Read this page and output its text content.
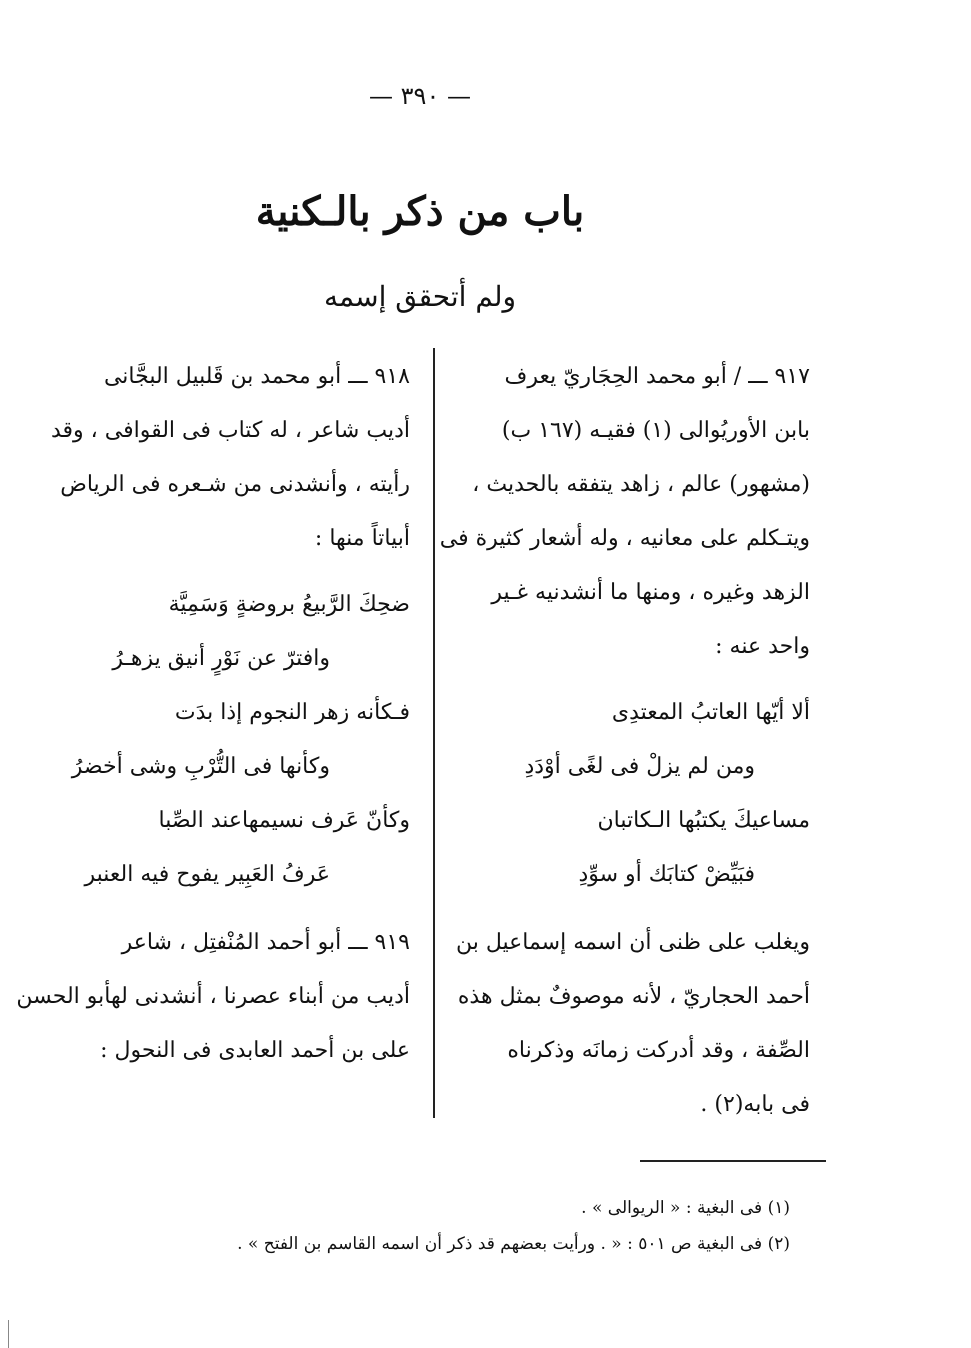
— ٣٩٠ —
باب من ذكر بالـكنية
ولم أتحقق إسمه
٩١٧ ـــ / أبو محمد الحِجَاريّ يعرف
بابن الأوريُوالى (١) فقيـه (١٦٧ ب)
(مشهور) عالم ، زاهد يتفقه بالحديث ،
ويتـكلم على معانيه ، وله أشعار كثيرة فى
الزهد وغيره ، ومنها ما أنشدنيه غـير
واحد عنه :
ألا أيّها العاتبُ المعتدِى
ومن لم يزلْ فى لغًى أوْدَدِ
مساعيكَ يكتبُها الـكاتبان
فبَيِّضْ كتابَك أو سوِّدِ
ويغلب على ظنى أن اسمه إسماعيل بن
أحمد الحجاريّ ، لأنه موصوفٌ بمثل هذه
الصِّفة ، وقد أدركت زمانَه وذكرناه
فى بابه(٢) .
٩١٨ ـــ أبو محمد بن قَلبيل البجَّانى
أديب شاعر ، له كتاب فى القوافى ، وقد
رأيته ، وأنشدنى من شـعره فى الرياض
أبياتاً منها :
ضحِكَ الرَّبيعُ بروضةٍ وَسَمِيَّة
وافترّ عن نَوْرٍ أنيق يزهـرُ
فـكأنه زهر النجوم إذا بدَت
وكأنها فى التُّرْبِ وشى أخضرُ
وكأنّ عَرف نسيمهاعند الصِّبا
عَرفُ العَبِير يفوح فيه العنبر
٩١٩ ـــ أبو أحمد المُنْفتِل ، شاعر
أديب من أبناء عصرنا ، أنشدنى لهأبو الحسن
على بن أحمد العابدى فى النحول :
(١) فى البغية : « الريوالى » .
(٢) فى البغية ص ٥٠١ : « . ورأيت بعضهم قد ذكر أن اسمه القاسم بن الفتح » .
